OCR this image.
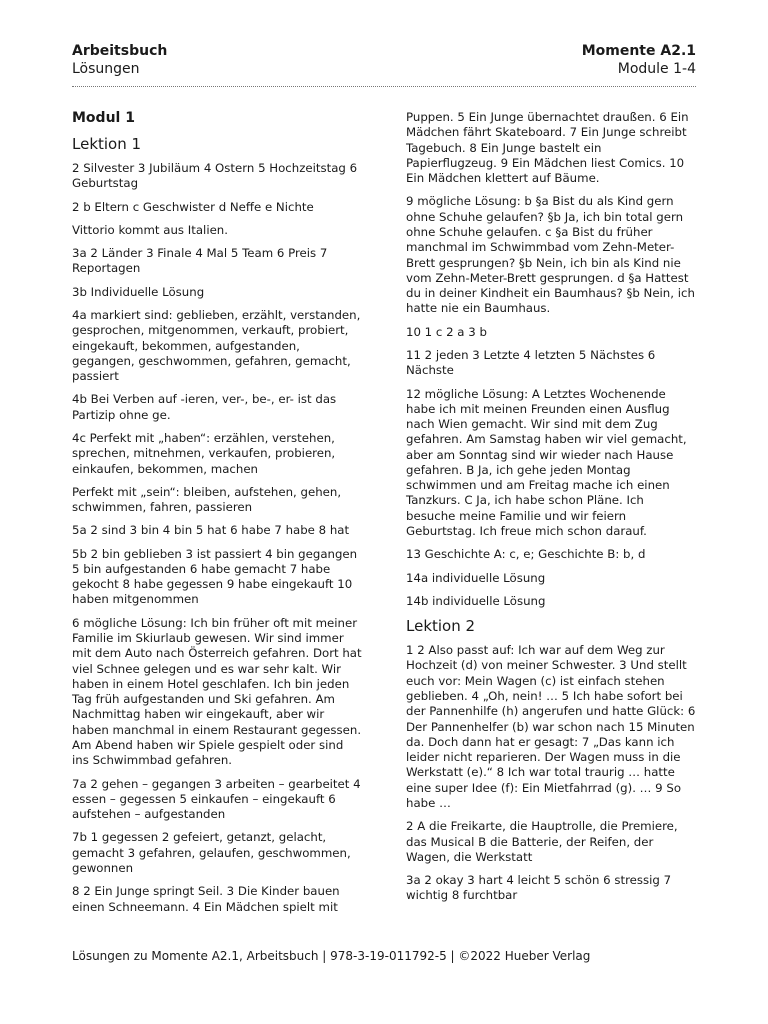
Arbeitsbuch
Lösungen
Momente A2.1
Module 1-4

Modul 1

Lektion 1

2 Silvester 3 Jubiläum 4 Ostern 5 Hochzeitstag 6 Geburtstag

2 b Eltern c Geschwister d Neffe e Nichte

Vittorio kommt aus Italien.

3a 2 Länder 3 Finale 4 Mal 5 Team 6 Preis 7 Reportagen

3b Individuelle Lösung

4a markiert sind: geblieben, erzählt, verstanden, gesprochen, mitgenommen, verkauft, probiert, eingekauft, bekommen, aufgestanden, gegangen, geschwommen, gefahren, gemacht, passiert

4b Bei Verben auf -ieren, ver-, be-, er- ist das Partizip ohne ge.

4c Perfekt mit „haben“: erzählen, verstehen, sprechen, mitnehmen, verkaufen, probieren, einkaufen, bekommen, machen

Perfekt mit „sein“: bleiben, aufstehen, gehen, schwimmen, fahren, passieren

5a 2 sind 3 bin 4 bin 5 hat 6 habe 7 habe 8 hat

5b 2 bin geblieben 3 ist passiert 4 bin gegangen 5 bin aufgestanden 6 habe gemacht 7 habe gekocht 8 habe gegessen 9 habe eingekauft 10 haben mitgenommen

6 mögliche Lösung: Ich bin früher oft mit meiner Familie im Skiurlaub gewesen. Wir sind immer mit dem Auto nach Österreich gefahren. Dort hat viel Schnee gelegen und es war sehr kalt. Wir haben in einem Hotel geschlafen. Ich bin jeden Tag früh aufgestanden und Ski gefahren. Am Nachmittag haben wir eingekauft, aber wir haben manchmal in einem Restaurant gegessen. Am Abend haben wir Spiele gespielt oder sind ins Schwimmbad gefahren.

7a 2 gehen – gegangen 3 arbeiten – gearbeitet 4 essen – gegessen 5 einkaufen – eingekauft 6 aufstehen – aufgestanden

7b 1 gegessen 2 gefeiert, getanzt, gelacht, gemacht 3 gefahren, gelaufen, geschwommen, gewonnen

8 2 Ein Junge springt Seil. 3 Die Kinder bauen einen Schneemann. 4 Ein Mädchen spielt mit

Puppen. 5 Ein Junge übernachtet draußen. 6 Ein Mädchen fährt Skateboard. 7 Ein Junge schreibt Tagebuch. 8 Ein Junge bastelt ein Papierflugzeug. 9 Ein Mädchen liest Comics. 10 Ein Mädchen klettert auf Bäume.

9 mögliche Lösung: b §a Bist du als Kind gern ohne Schuhe gelaufen? §b Ja, ich bin total gern ohne Schuhe gelaufen. c §a Bist du früher manchmal im Schwimmbad vom Zehn-Meter-Brett gesprungen? §b Nein, ich bin als Kind nie vom Zehn-Meter-Brett gesprungen. d §a Hattest du in deiner Kindheit ein Baumhaus? §b Nein, ich hatte nie ein Baumhaus.

10 1 c 2 a 3 b

11 2 jeden 3 Letzte 4 letzten 5 Nächstes 6 Nächste

12 mögliche Lösung: A Letztes Wochenende habe ich mit meinen Freunden einen Ausflug nach Wien gemacht. Wir sind mit dem Zug gefahren. Am Samstag haben wir viel gemacht, aber am Sonntag sind wir wieder nach Hause gefahren. B Ja, ich gehe jeden Montag schwimmen und am Freitag mache ich einen Tanzkurs. C Ja, ich habe schon Pläne. Ich besuche meine Familie und wir feiern Geburtstag. Ich freue mich schon darauf.

13 Geschichte A: c, e; Geschichte B: b, d

14a individuelle Lösung

14b individuelle Lösung

Lektion 2

1 2 Also passt auf: Ich war auf dem Weg zur Hochzeit (d) von meiner Schwester. 3 Und stellt euch vor: Mein Wagen (c) ist einfach stehen geblieben. 4 „Oh, nein! … 5 Ich habe sofort bei der Pannenhilfe (h) angerufen und hatte Glück: 6 Der Pannenhelfer (b) war schon nach 15 Minuten da. Doch dann hat er gesagt: 7 „Das kann ich leider nicht reparieren. Der Wagen muss in die Werkstatt (e).“ 8 Ich war total traurig … hatte eine super Idee (f): Ein Mietfahrrad (g). … 9 So habe …

2 A die Freikarte, die Hauptrolle, die Premiere, das Musical B die Batterie, der Reifen, der Wagen, die Werkstatt

3a 2 okay 3 hart 4 leicht 5 schön 6 stressig 7 wichtig 8 furchtbar

Lösungen zu Momente A2.1, Arbeitsbuch | 978-3-19-011792-5 | ©2022 Hueber Verlag
